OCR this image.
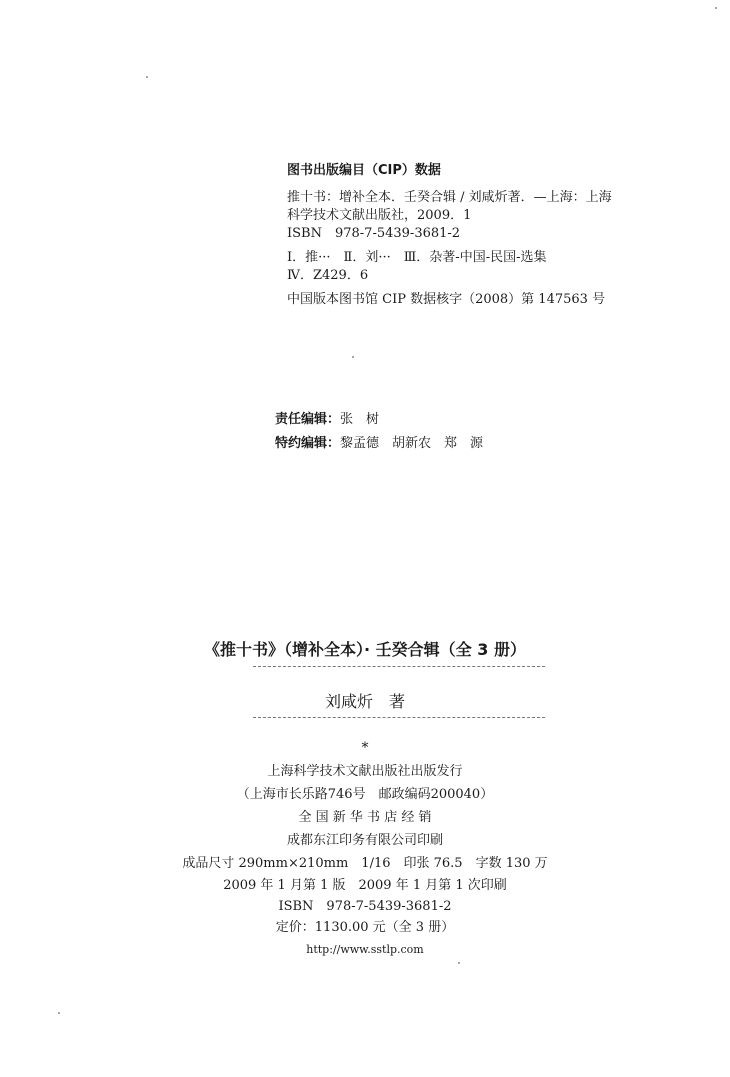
图书出版编目（CIP）数据
推十书：增补全本．壬癸合辑 / 刘咸炘著．—上海：上海
科学技术文献出版社，2009．1
ISBN　978-7-5439-3681-2
Ⅰ．推···　Ⅱ．刘···　Ⅲ．杂著-中国-民国-选集
Ⅳ．Z429．6
中国版本图书馆 CIP 数据核字（2008）第 147563 号
责任编辑：张　树
特约编辑：黎孟德　胡新农　郑　源
《推十书》（增补全本）· 壬癸合辑（全 3 册）
刘咸炘　著
*
上海科学技术文献出版社出版发行
（上海市长乐路746号　邮政编码200040）
全 国 新 华 书 店 经 销
成都东江印务有限公司印刷
成品尺寸 290mm×210mm　1/16　印张 76.5　字数 130 万
2009 年 1 月第 1 版　2009 年 1 月第 1 次印刷
ISBN　978-7-5439-3681-2
定价：1130.00 元（全 3 册）
http://www.sstlp.com
